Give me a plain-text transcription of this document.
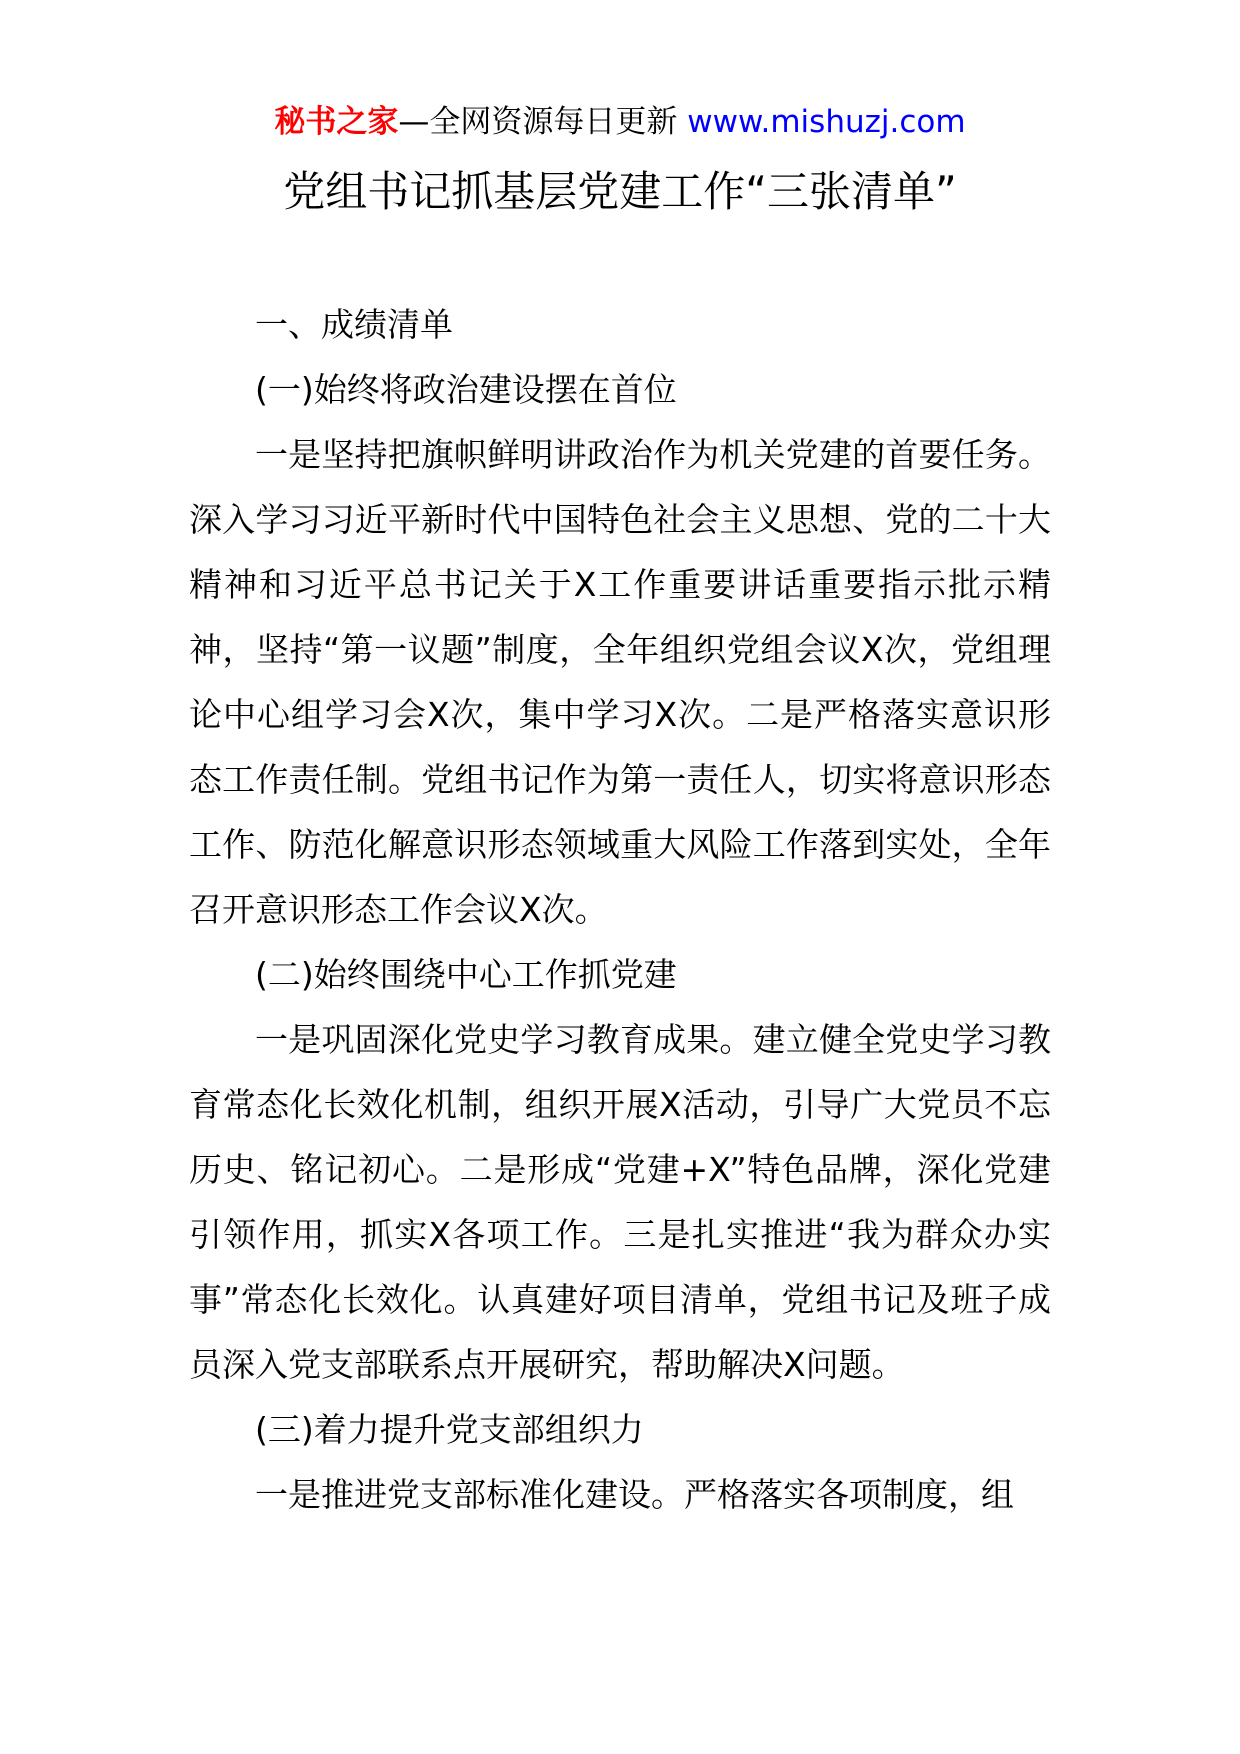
秘书之家—全网资源每日更新 www.mishuzj.com
党组书记抓基层党建工作“三张清单”

一、成绩清单

(一)始终将政治建设摆在首位

一是坚持把旗帜鲜明讲政治作为机关党建的首要任务。深入学习习近平新时代中国特色社会主义思想、党的二十大精神和习近平总书记关于X工作重要讲话重要指示批示精神，坚持“第一议题”制度，全年组织党组会议X次，党组理论中心组学习会X次，集中学习X次。二是严格落实意识形态工作责任制。党组书记作为第一责任人，切实将意识形态工作、防范化解意识形态领域重大风险工作落到实处，全年召开意识形态工作会议X次。

(二)始终围绕中心工作抓党建

一是巩固深化党史学习教育成果。建立健全党史学习教育常态化长效化机制，组织开展X活动，引导广大党员不忘历史、铭记初心。二是形成“党建+X”特色品牌，深化党建引领作用，抓实X各项工作。三是扎实推进“我为群众办实事”常态化长效化。认真建好项目清单，党组书记及班子成员深入党支部联系点开展研究，帮助解决X问题。

(三)着力提升党支部组织力

一是推进党支部标准化建设。严格落实各项制度，组
